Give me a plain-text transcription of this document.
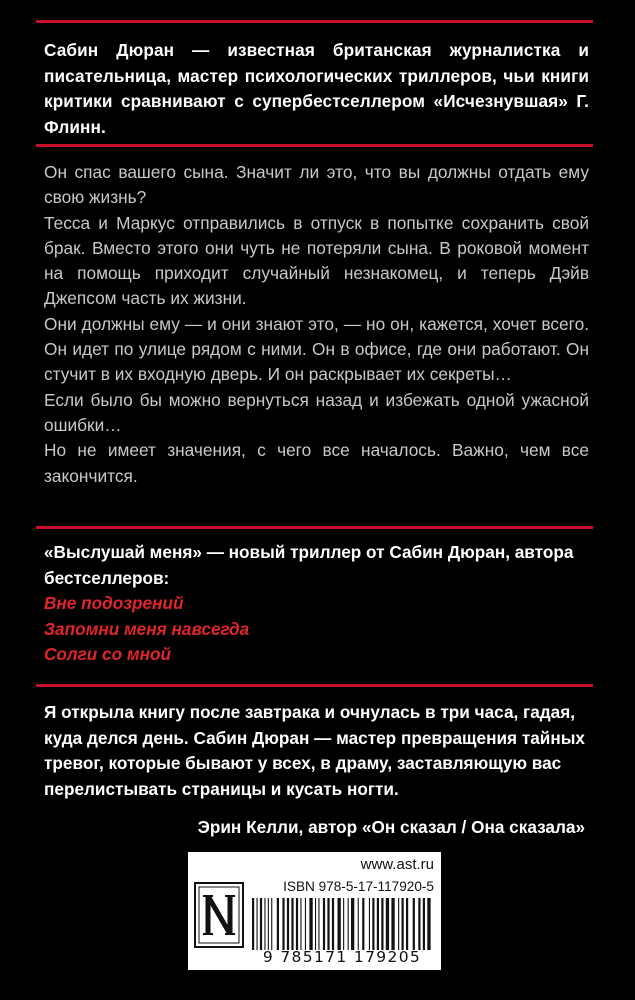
Сабин Дюран — известная британская журналистка и писательница, мастер психологических триллеров, чьи книги критики сравнивают с супербестселлером «Исчезнувшая» Г. Флинн.

Он спас вашего сына. Значит ли это, что вы должны отдать ему свою жизнь?

Тесса и Маркус отправились в отпуск в попытке сохранить свой брак. Вместо этого они чуть не потеряли сына. В роковой момент на помощь приходит случайный незнакомец, и теперь Дэйв Джепсом часть их жизни.

Они должны ему — и они знают это, — но он, кажется, хочет всего. Он идет по улице рядом с ними. Он в офисе, где они работают. Он стучит в их входную дверь. И он раскрывает их секреты…

Если было бы можно вернуться назад и избежать одной ужасной ошибки…

Но не имеет значения, с чего все началось. Важно, чем все закончится.

«Выслушай меня» — новый триллер от Сабин Дюран, автора бестселлеров:

Вне подозрений
Запомни меня навсегда
Солги со мной

Я открыла книгу после завтрака и очнулась в три часа, гадая, куда делся день. Сабин Дюран — мастер превращения тайных тревог, которые бывают у всех, в драму, заставляющую вас перелистывать страницы и кусать ногти.

Эрин Келли, автор «Он сказал / Она сказала»

www.ast.ru
ISBN 978-5-17-117920-5
9 785171 179205
